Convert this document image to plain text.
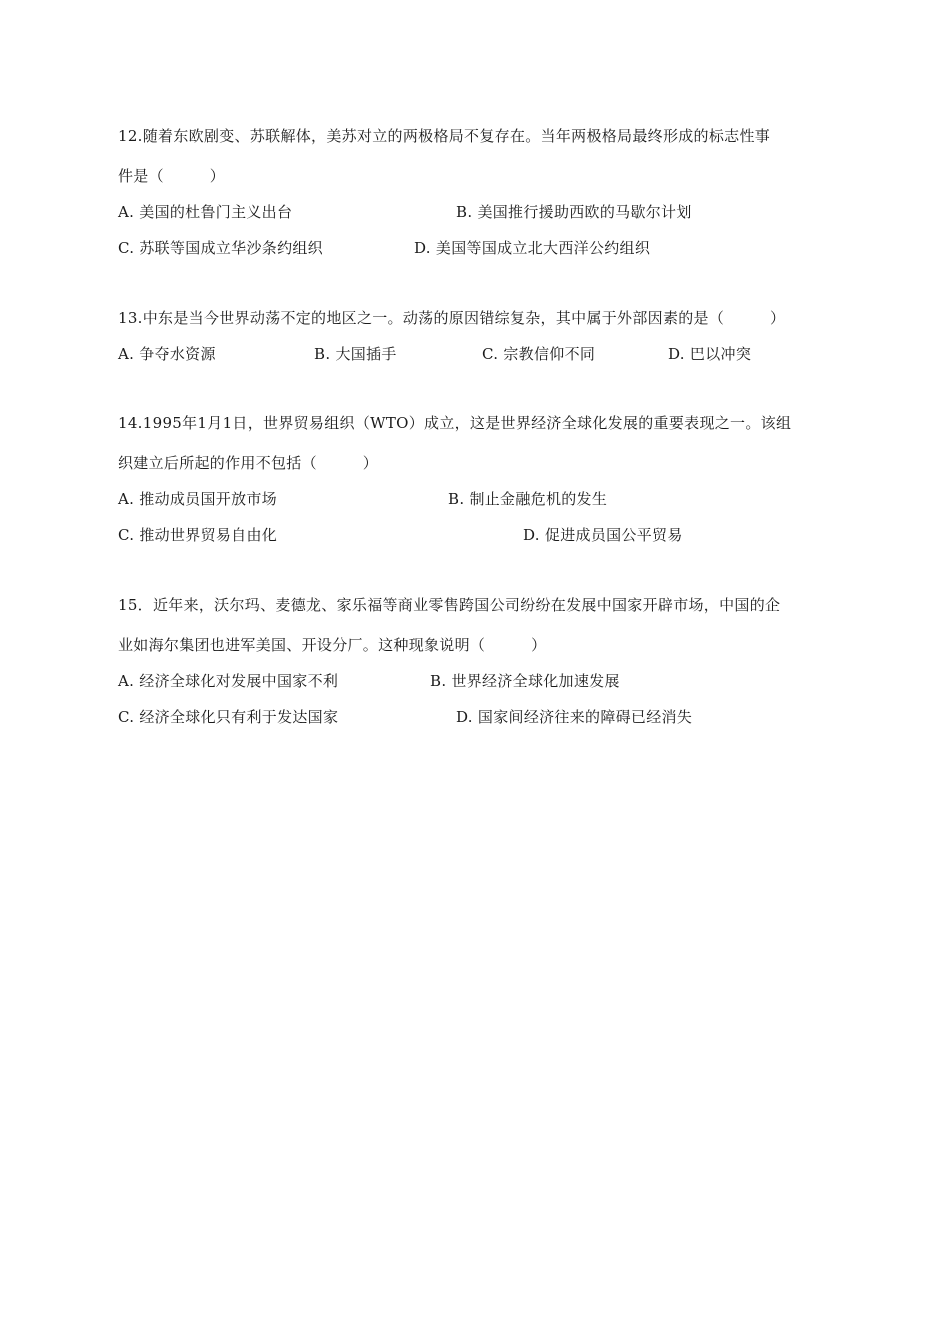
12.随着东欧剧变、苏联解体，美苏对立的两极格局不复存在。当年两极格局最终形成的标志性事

件是（　　　）

A. 美国的杜鲁门主义出台	B. 美国推行援助西欧的马歇尔计划
C. 苏联等国成立华沙条约组织	D. 美国等国成立北大西洋公约组织

13.中东是当今世界动荡不定的地区之一。动荡的原因错综复杂，其中属于外部因素的是（　　　）

A. 争夺水资源	B. 大国插手	C. 宗教信仰不同	D. 巴以冲突

14.1995年1月1日，世界贸易组织（WTO）成立，这是世界经济全球化发展的重要表现之一。该组

织建立后所起的作用不包括（　　　）

A. 推动成员国开放市场	B. 制止金融危机的发生
C. 推动世界贸易自由化	D. 促进成员国公平贸易

15．近年来，沃尔玛、麦德龙、家乐福等商业零售跨国公司纷纷在发展中国家开辟市场，中国的企

业如海尔集团也进军美国、开设分厂。这种现象说明（　　　）

A. 经济全球化对发展中国家不利	B. 世界经济全球化加速发展
C. 经济全球化只有利于发达国家	D. 国家间经济往来的障碍已经消失
